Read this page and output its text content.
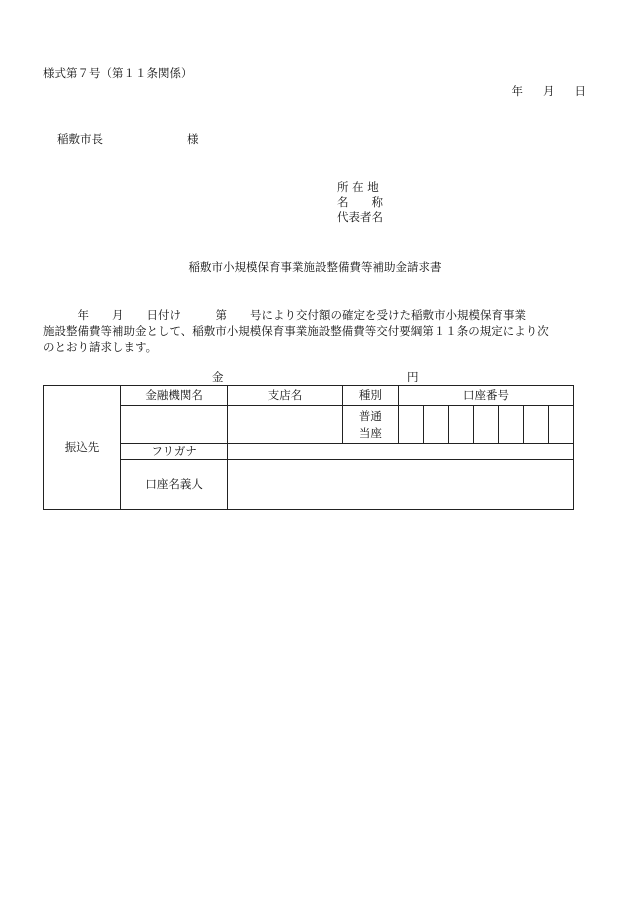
様式第７号（第１１条関係）
年 月 日
稲敷市長	様
所 在 地
名　　称
代表者名
稲敷市小規模保育事業施設整備費等補助金請求書
　　　年　　月　　日付け　　　第　　号により交付額の確定を受けた稲敷市小規模保育事業
施設整備費等補助金として、稲敷市小規模保育事業施設整備費等交付要綱第１１条の規定により次
のとおり請求します。
金	円
振込先	金融機関名	支店名	種別	口座番号						

			普通
当座							

	フリガナ									
	口座名義人									
